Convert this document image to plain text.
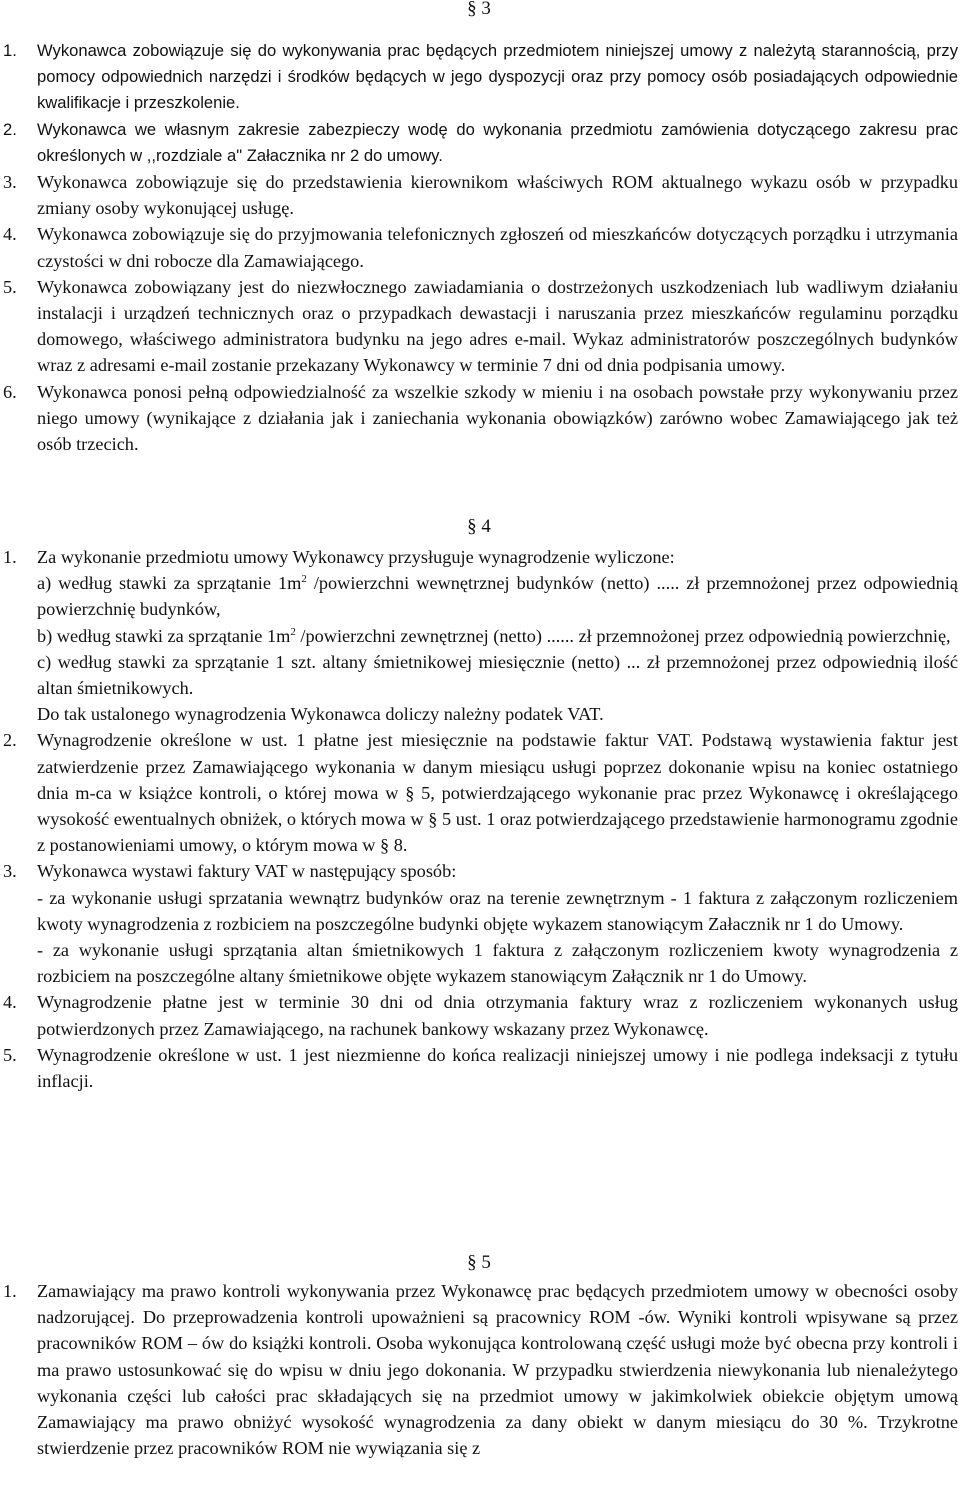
§ 3

1. Wykonawca zobowiązuje się do wykonywania prac będących przedmiotem niniejszej umowy z należytą starannością, przy pomocy odpowiednich narzędzi i środków będących w jego dyspozycji oraz przy pomocy osób posiadających odpowiednie kwalifikacje i przeszkolenie.
2. Wykonawca we własnym zakresie zabezpieczy wodę do wykonania przedmiotu zamówienia dotyczącego zakresu prac określonych w ,,rozdziale a" Załacznika nr 2 do umowy.
3. Wykonawca zobowiązuje się do przedstawienia kierownikom właściwych ROM aktualnego wykazu osób w przypadku zmiany osoby wykonującej usługę.
4. Wykonawca zobowiązuje się do przyjmowania telefonicznych zgłoszeń od mieszkańców dotyczących porządku i utrzymania czystości w dni robocze dla Zamawiającego.
5. Wykonawca zobowiązany jest do niezwłocznego zawiadamiania o dostrzeżonych uszkodzeniach lub wadliwym działaniu instalacji i urządzeń technicznych oraz o przypadkach dewastacji i naruszania przez mieszkańców regulaminu porządku domowego, właściwego administratora budynku na jego adres e-mail. Wykaz administratorów poszczególnych budynków wraz z adresami e-mail zostanie przekazany Wykonawcy w terminie 7 dni od dnia podpisania umowy.
6. Wykonawca ponosi pełną odpowiedzialność za wszelkie szkody w mieniu i na osobach powstałe przy wykonywaniu przez niego umowy (wynikające z działania jak i zaniechania wykonania obowiązków) zarówno wobec Zamawiającego jak też osób trzecich.

§ 4

1. Za wykonanie przedmiotu umowy Wykonawcy przysługuje wynagrodzenie wyliczone:

a) według stawki za sprzątanie $1m^2$ /powierzchni wewnętrznej budynków (netto) ..... zł przemnożonej przez odpowiednią powierzchnię budynków,

b) według stawki za sprzątanie $1m^2$ /powierzchni zewnętrznej (netto) ...... zł przemnożonej przez odpowiednią powierzchnię,

c) według stawki za sprzątanie 1 szt. altany śmietnikowej miesięcznie (netto) ... zł przemnożonej przez odpowiednią ilość altan śmietnikowych.

Do tak ustalonego wynagrodzenia Wykonawca doliczy należny podatek VAT.

2. Wynagrodzenie określone w ust. 1 płatne jest miesięcznie na podstawie faktur VAT. Podstawą wystawienia faktur jest zatwierdzenie przez Zamawiającego wykonania w danym miesiącu usługi poprzez dokonanie wpisu na koniec ostatniego dnia m-ca w książce kontroli, o której mowa w § 5, potwierdzającego wykonanie prac przez Wykonawcę i określającego wysokość ewentualnych obniżek, o których mowa w § 5 ust. 1 oraz potwierdzającego przedstawienie harmonogramu zgodnie z postanowieniami umowy, o którym mowa w § 8.
3. Wykonawca wystawi faktury VAT w następujący sposób:

- za wykonanie usługi sprzatania wewnątrz budynków oraz na terenie zewnętrznym - 1 faktura z załączonym rozliczeniem kwoty wynagrodzenia z rozbiciem na poszczególne budynki objęte wykazem stanowiącym Załacznik nr 1 do Umowy.

- za wykonanie usługi sprzątania altan śmietnikowych 1 faktura z załączonym rozliczeniem kwoty wynagrodzenia z rozbiciem na poszczególne altany śmietnikowe objęte wykazem stanowiącym Załącznik nr 1 do Umowy.

4. Wynagrodzenie płatne jest w terminie 30 dni od dnia otrzymania faktury wraz z rozliczeniem wykonanych usług potwierdzonych przez Zamawiającego, na rachunek bankowy wskazany przez Wykonawcę.
5. Wynagrodzenie określone w ust. 1 jest niezmienne do końca realizacji niniejszej umowy i nie podlega indeksacji z tytułu inflacji.

§ 5

1. Zamawiający ma prawo kontroli wykonywania przez Wykonawcę prac będących przedmiotem umowy w obecności osoby nadzorującej. Do przeprowadzenia kontroli upoważnieni są pracownicy ROM -ów. Wyniki kontroli wpisywane są przez pracowników ROM – ów do książki kontroli. Osoba wykonująca kontrolowaną część usługi może być obecna przy kontroli i ma prawo ustosunkować się do wpisu w dniu jego dokonania. W przypadku stwierdzenia niewykonania lub nienależytego wykonania części lub całości prac składających się na przedmiot umowy w jakimkolwiek obiekcie objętym umową Zamawiający ma prawo obniżyć wysokość wynagrodzenia za dany obiekt w danym miesiącu do 30 %. Trzykrotne stwierdzenie przez pracowników ROM nie wywiązania się z
